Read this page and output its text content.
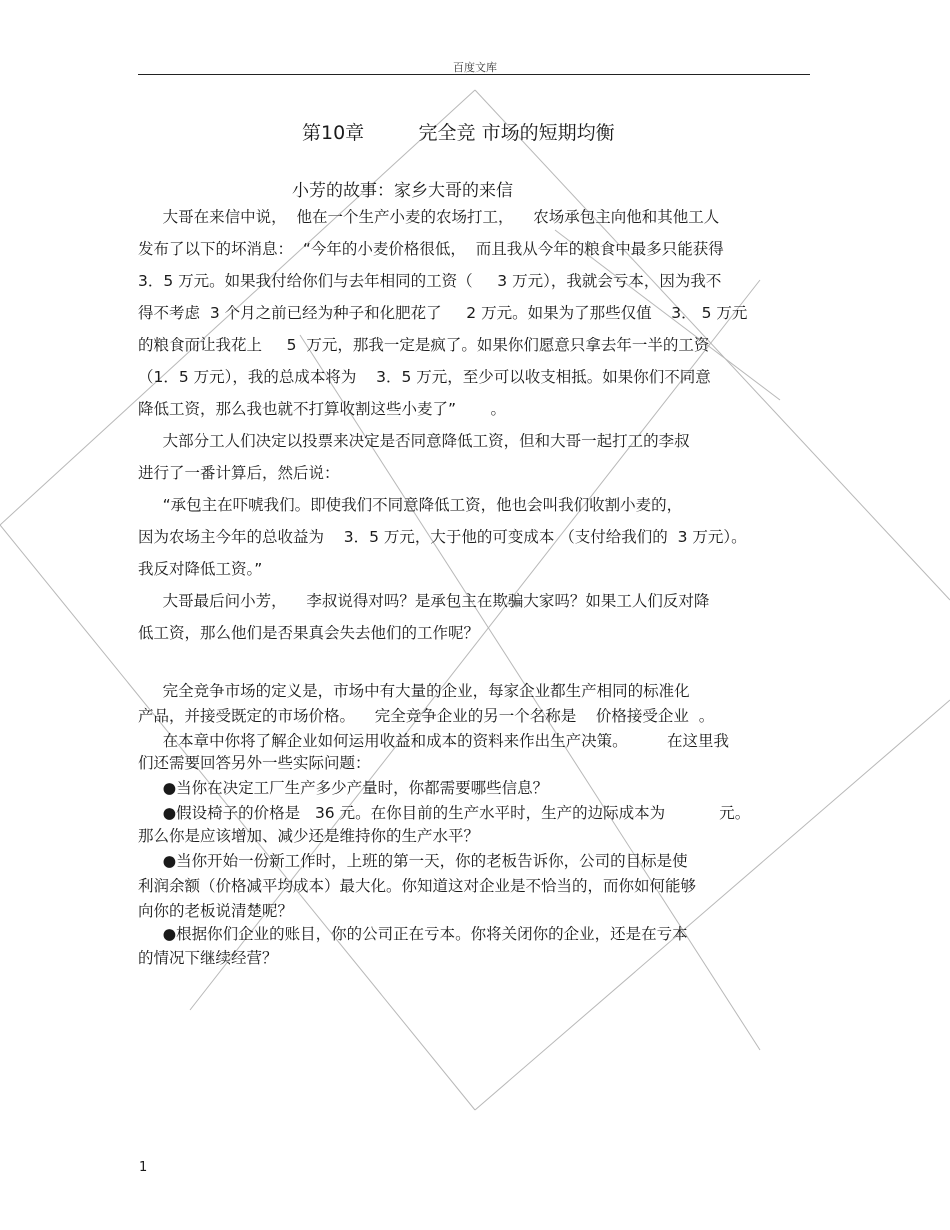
百度文库
第10章         完全竞 市场的短期均衡
小芳的故事：家乡大哥的来信
大哥在来信中说，  他在一个生产小麦的农场打工，    农场承包主向他和其他工人
发布了以下的坏消息：  “今年的小麦价格很低，  而且我从今年的粮食中最多只能获得
3．5 万元。如果我付给你们与去年相同的工资（     3 万元），我就会亏本，因为我不
得不考虑  3 个月之前已经为种子和化肥花了     2 万元。如果为了那些仅值    3． 5 万元
的粮食而让我花上     5  万元，那我一定是疯了。如果你们愿意只拿去年一半的工资
（1．5 万元），我的总成本将为    3．5 万元，至少可以收支相抵。如果你们不同意
降低工资，那么我也就不打算收割这些小麦了”       。
大部分工人们决定以投票来决定是否同意降低工资，但和大哥一起打工的李叔
进行了一番计算后，然后说：
“承包主在吓唬我们。即使我们不同意降低工资，他也会叫我们收割小麦的，
因为农场主今年的总收益为    3．5 万元，大于他的可变成本 （支付给我们的  3 万元）。
我反对降低工资。”
大哥最后问小芳，    李叔说得对吗？是承包主在欺骗大家吗？如果工人们反对降
低工资，那么他们是否果真会失去他们的工作呢？
完全竞争市场的定义是，市场中有大量的企业，每家企业都生产相同的标准化
产品，并接受既定的市场价格。    完全竞争企业的另一个名称是    价格接受企业  。
在本章中你将了解企业如何运用收益和成本的资料来作出生产决策。        在这里我
们还需要回答另外一些实际问题：
●当你在决定工厂生产多少产量时，你都需要哪些信息？
●假设椅子的价格是   36 元。在你目前的生产水平时，生产的边际成本为           元。
那么你是应该增加、减少还是维持你的生产水平？
●当你开始一份新工作时，上班的第一天，你的老板告诉你，公司的目标是使
利润余额（价格减平均成本）最大化。你知道这对企业是不恰当的，而你如何能够
向你的老板说清楚呢？
●根据你们企业的账目，你的公司正在亏本。你将关闭你的企业，还是在亏本
的情况下继续经营？
1
